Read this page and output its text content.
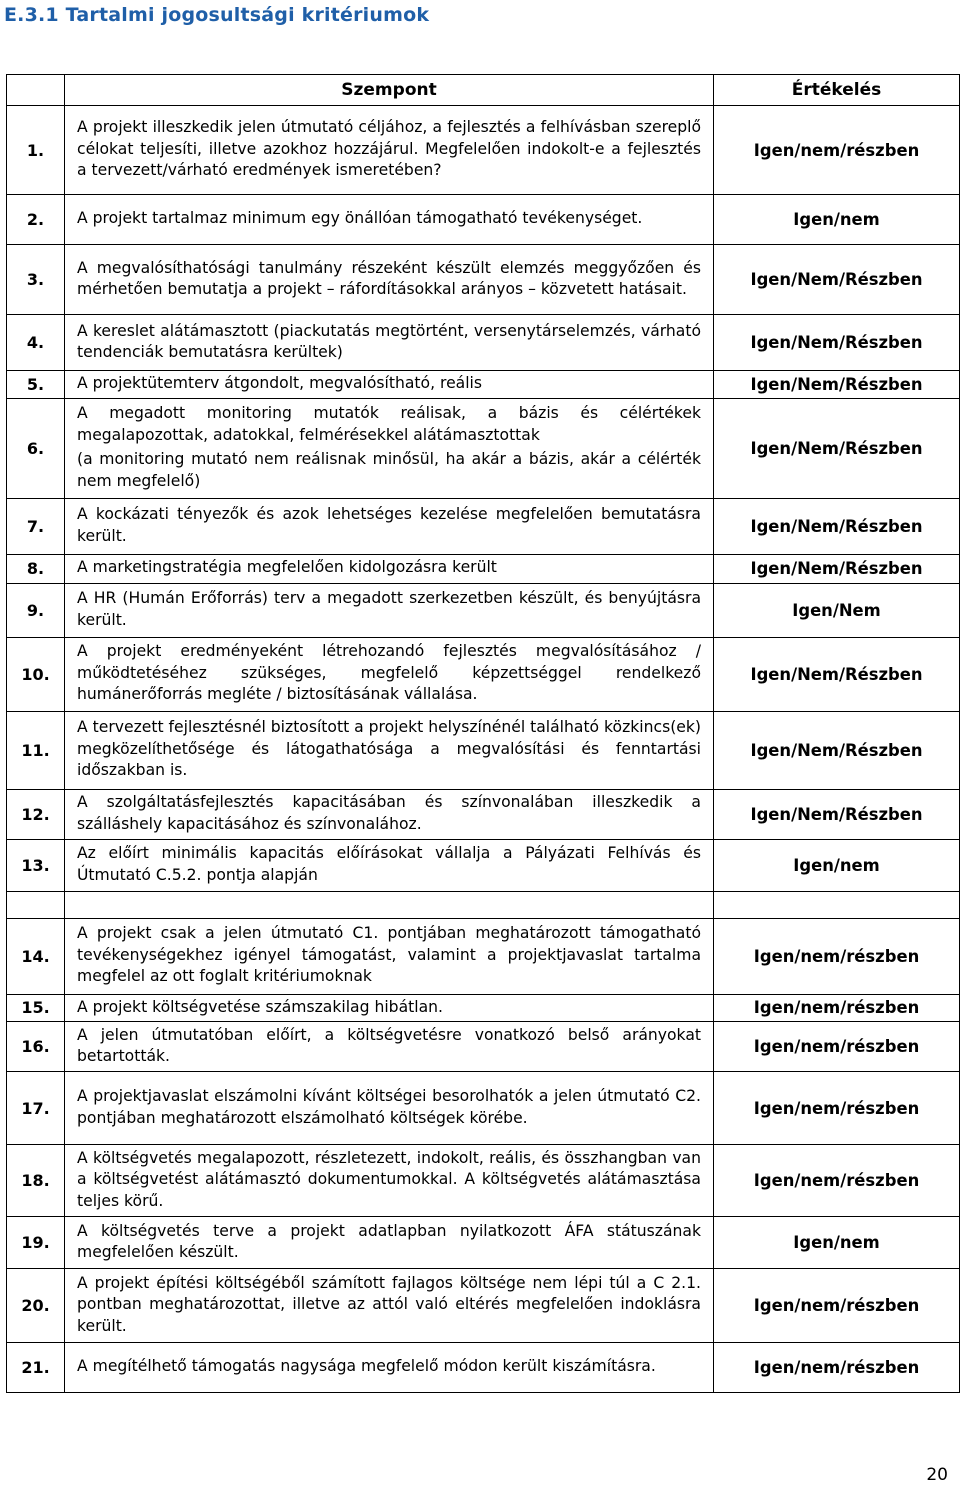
E.3.1 Tartalmi jogosultsági kritériumok
	Szempont	Értékelés
1.	A projekt illeszkedik jelen útmutató céljához, a fejlesztés a felhívásban szereplő célokat teljesíti, illetve azokhoz hozzájárul. Megfelelően indokolt-e a fejlesztés a tervezett/várható eredmények ismeretében?	Igen/nem/részben
2.	A projekt tartalmaz minimum egy önállóan támogatható tevékenységet.	Igen/nem
3.	A megvalósíthatósági tanulmány részeként készült elemzés meggyőzően és mérhetően bemutatja a projekt – ráfordításokkal arányos – közvetett hatásait.	Igen/Nem/Részben
4.	A kereslet alátámasztott (piackutatás megtörtént, versenytárselemzés, várható tendenciák bemutatásra kerültek)	Igen/Nem/Részben
5.	A projektütemterv átgondolt, megvalósítható, reális	Igen/Nem/Részben
6.	A megadott monitoring mutatók reálisak, a bázis és célértékek megalapozottak, adatokkal, felmérésekkel alátámasztottak
(a monitoring mutató nem reálisnak minősül, ha akár a bázis, akár a célérték nem megfelelő)	Igen/Nem/Részben
7.	A kockázati tényezők és azok lehetséges kezelése megfelelően bemutatásra került.	Igen/Nem/Részben
8.	A marketingstratégia megfelelően kidolgozásra került	Igen/Nem/Részben
9.	A HR (Humán Erőforrás) terv a megadott szerkezetben készült, és benyújtásra került.	Igen/Nem
10.	A projekt eredményeként létrehozandó fejlesztés megvalósításához / működtetéséhez szükséges, megfelelő képzettséggel rendelkező humánerőforrás megléte / biztosításának vállalása.	Igen/Nem/Részben
11.	A tervezett fejlesztésnél biztosított a projekt helyszínénél található közkincs(ek) megközelíthetősége és látogathatósága a megvalósítási és fenntartási időszakban is.	Igen/Nem/Részben
12.	A szolgáltatásfejlesztés kapacitásában és színvonalában illeszkedik a szálláshely kapacitásához és színvonalához.	Igen/Nem/Részben
13.	Az előírt minimális kapacitás előírásokat vállalja a Pályázati Felhívás és Útmutató C.5.2. pontja alapján	Igen/nem

14.	A projekt csak a jelen útmutató C1. pontjában meghatározott támogatható tevékenységekhez igényel támogatást, valamint a projektjavaslat tartalma megfelel az ott foglalt kritériumoknak	Igen/nem/részben
15.	A projekt költségvetése számszakilag hibátlan.	Igen/nem/részben
16.	A jelen útmutatóban előírt, a költségvetésre vonatkozó belső arányokat betartották.	Igen/nem/részben
17.	A projektjavaslat elszámolni kívánt költségei besorolhatók a jelen útmutató C2. pontjában meghatározott elszámolható költségek körébe.	Igen/nem/részben
18.	A költségvetés megalapozott, részletezett, indokolt, reális, és összhangban van a költségvetést alátámasztó dokumentumokkal. A költségvetés alátámasztása teljes körű.	Igen/nem/részben
19.	A költségvetés terve a projekt adatlapban nyilatkozott ÁFA státuszának megfelelően készült.	Igen/nem
20.	A projekt építési költségéből számított fajlagos költsége nem lépi túl a C 2.1. pontban meghatározottat, illetve az attól való eltérés megfelelően indoklásra került.	Igen/nem/részben
21.	A megítélhető támogatás nagysága megfelelő módon került kiszámításra.	Igen/nem/részben
20
